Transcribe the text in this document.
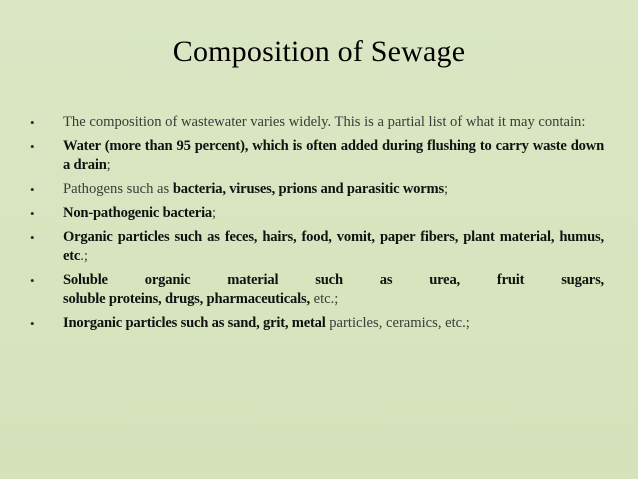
Composition of Sewage
• The composition of wastewater varies widely. This is a partial list of what it may contain:
• Water (more than 95 percent), which is often added during flushing to carry waste down a drain;
• Pathogens such as bacteria, viruses, prions and parasitic worms;
• Non-pathogenic bacteria;
• Organic particles such as feces, hairs, food, vomit, paper fibers, plant material, humus, etc.;
• Soluble	organic	material	such	as	urea,	fruit	sugars,
soluble proteins, drugs, pharmaceuticals, etc.;
• Inorganic particles such as sand, grit, metal particles, ceramics, etc.;
